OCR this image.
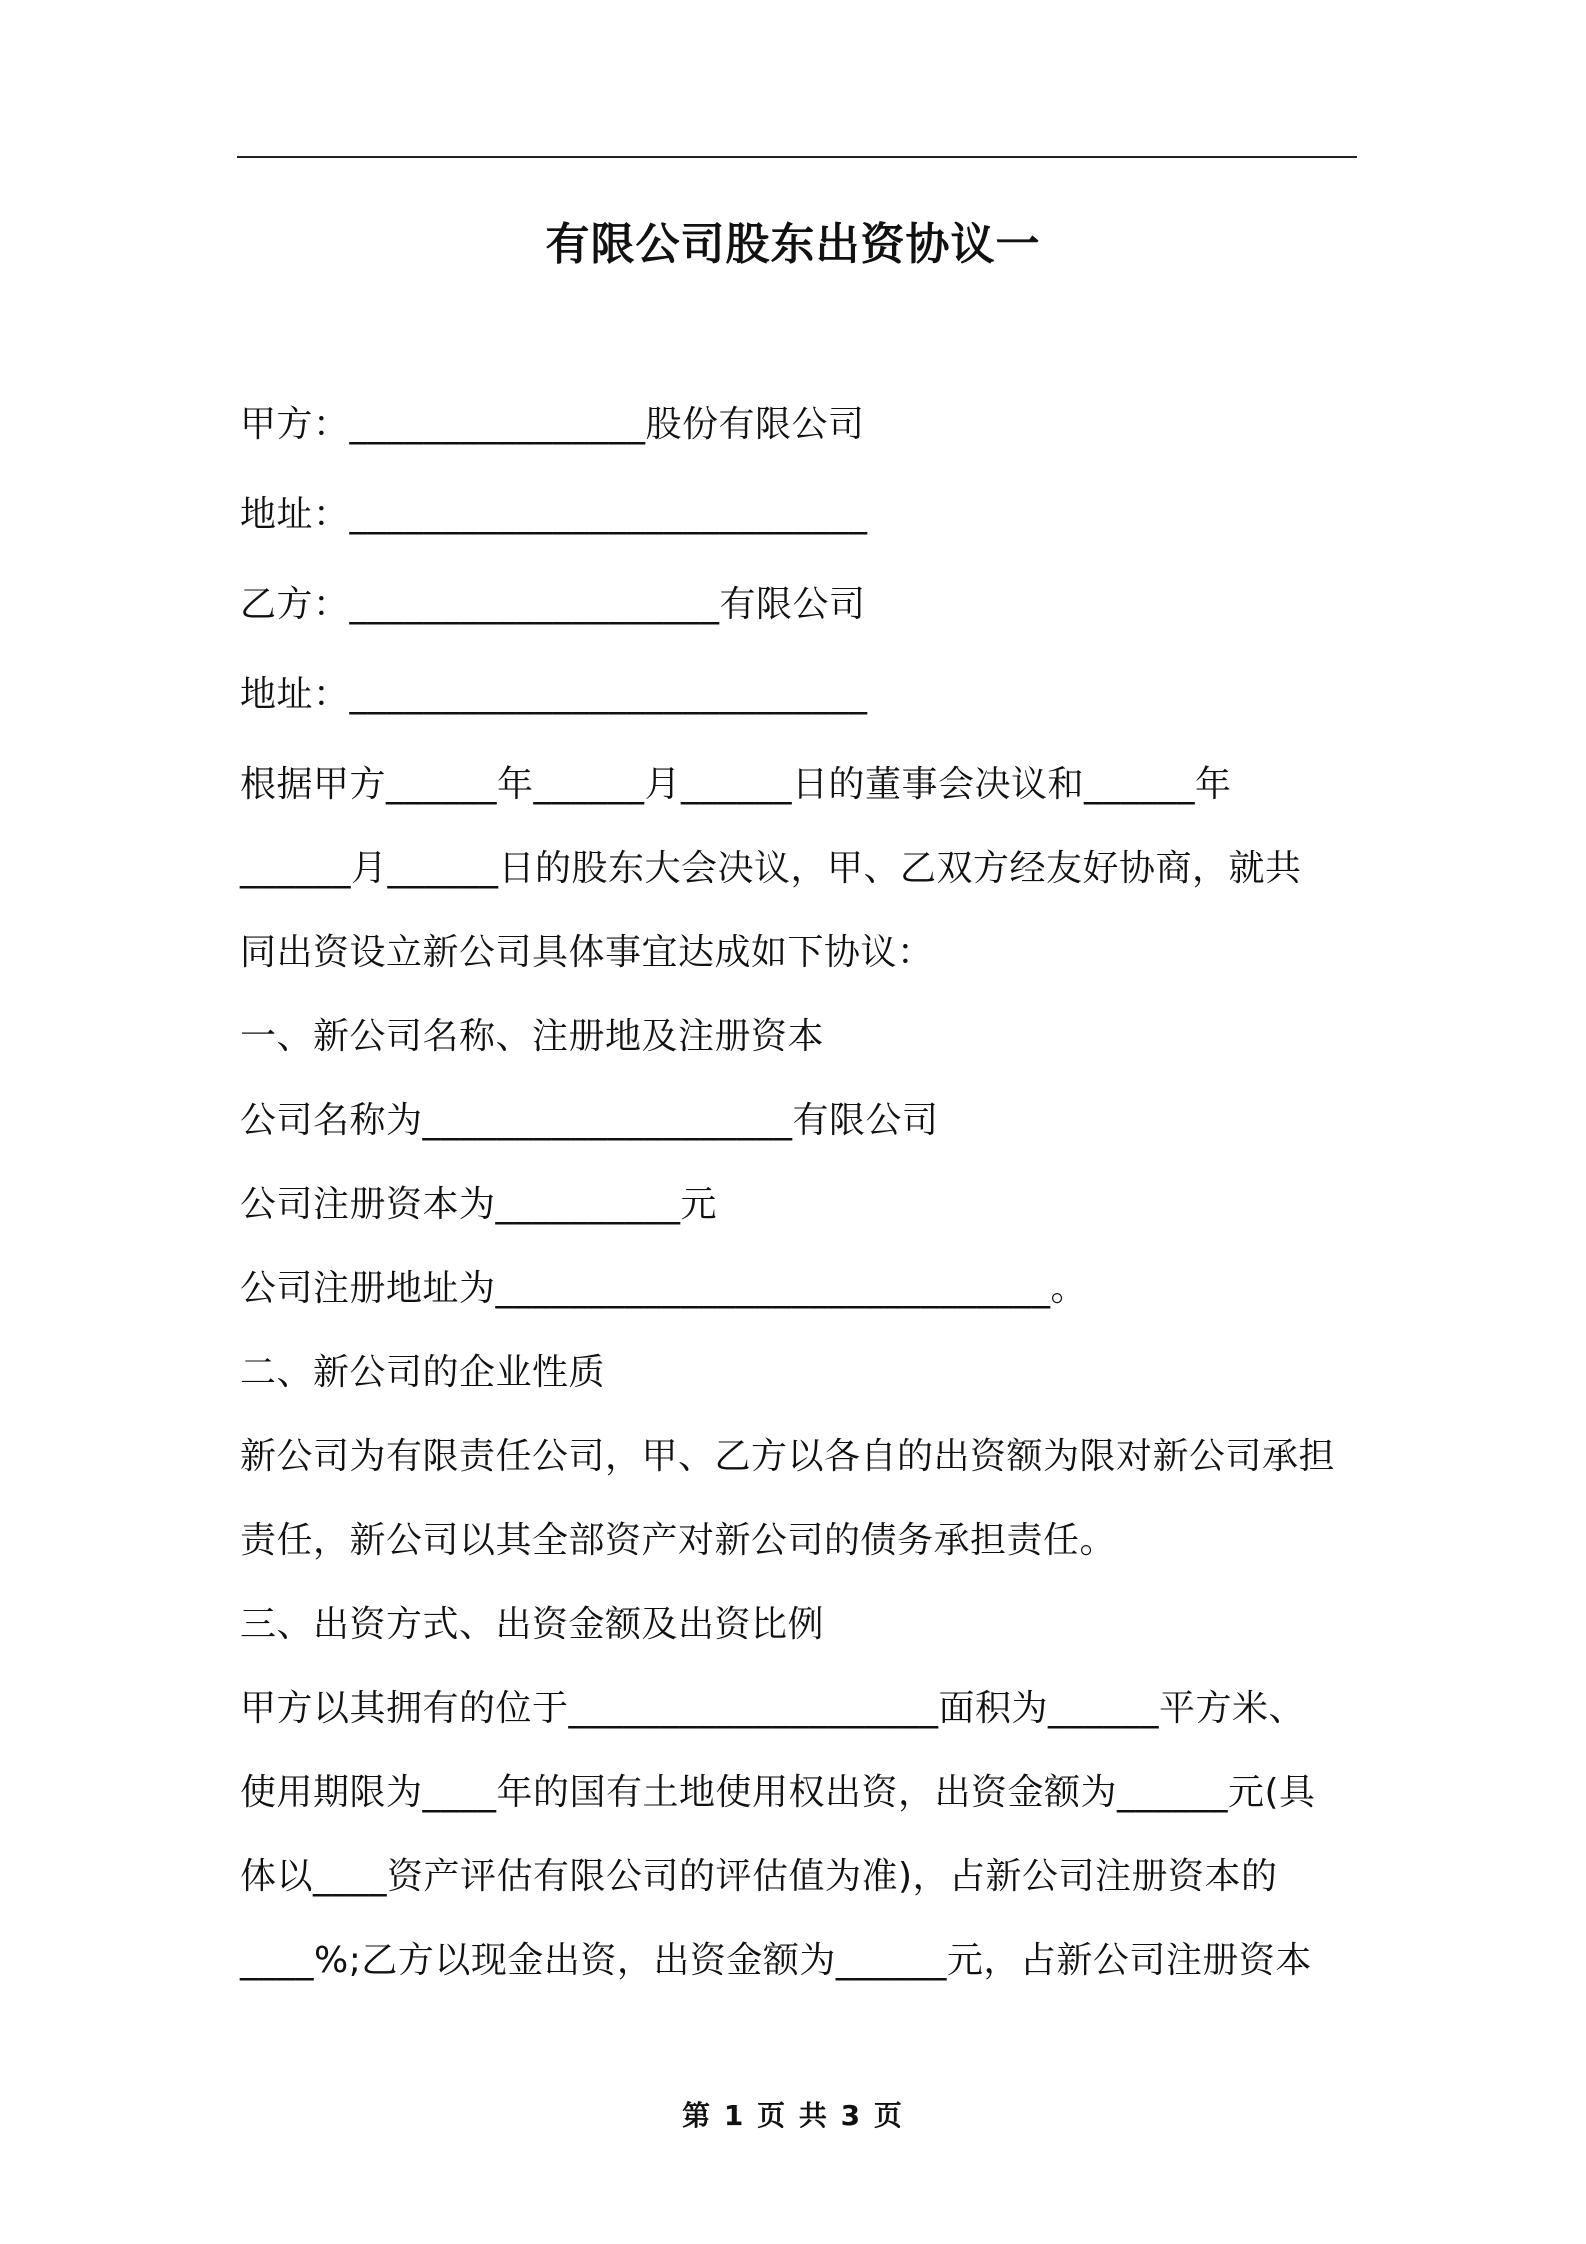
有限公司股东出资协议一
甲方：________________股份有限公司
地址：____________________________
乙方：____________________有限公司
地址：____________________________
根据甲方______年______月______日的董事会决议和______年
______月______日的股东大会决议，甲、乙双方经友好协商，就共
同出资设立新公司具体事宜达成如下协议：
一、新公司名称、注册地及注册资本
公司名称为____________________有限公司
公司注册资本为__________元
公司注册地址为______________________________。
二、新公司的企业性质
新公司为有限责任公司，甲、乙方以各自的出资额为限对新公司承担
责任，新公司以其全部资产对新公司的债务承担责任。
三、出资方式、出资金额及出资比例
甲方以其拥有的位于____________________面积为______平方米、
使用期限为____年的国有土地使用权出资，出资金额为______元(具
体以____资产评估有限公司的评估值为准)，占新公司注册资本的
____%;乙方以现金出资，出资金额为______元，占新公司注册资本
第 1 页 共 3 页
